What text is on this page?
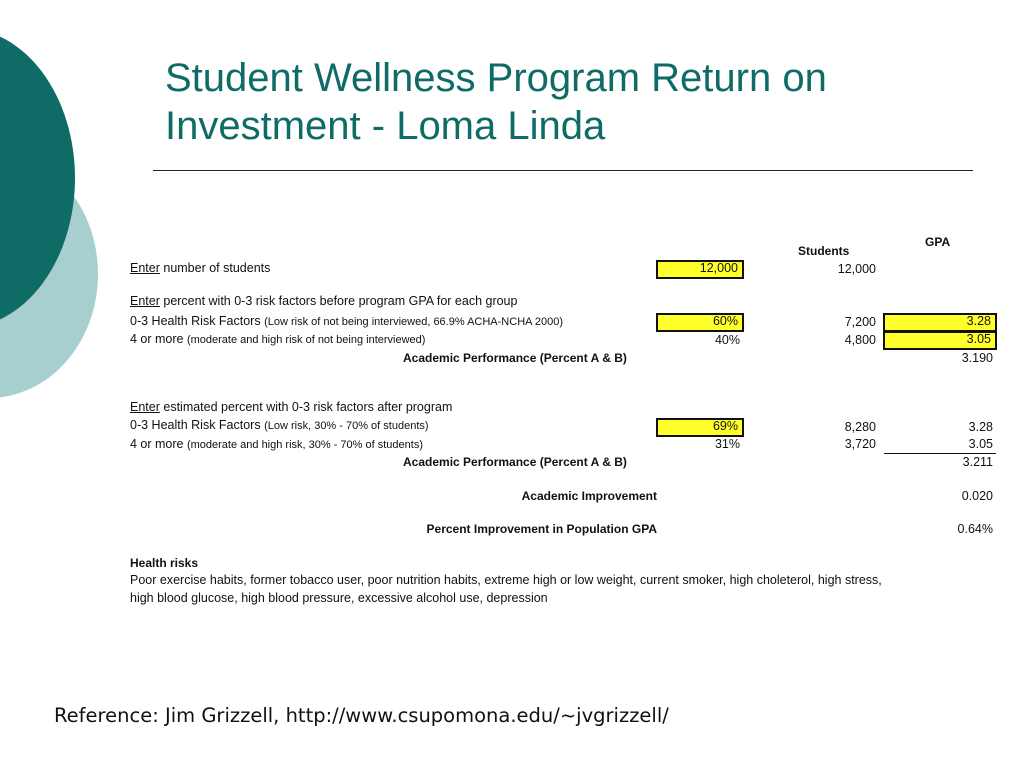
Student Wellness Program Return on Investment - Loma Linda
Students
GPA
Enter number of students	12,000	12,000
Enter percent with 0-3 risk factors before program GPA for each group
0-3 Health Risk Factors (Low risk of not being interviewed, 66.9% ACHA-NCHA 2000)	60%	7,200	3.28
4 or more (moderate and high risk of not being interviewed)	40%	4,800	3.05
Academic Performance (Percent A & B)	3.190
Enter estimated percent with 0-3 risk factors after program
0-3 Health Risk Factors (Low risk, 30% - 70% of students)	69%	8,280	3.28
4 or more (moderate and high risk, 30% - 70% of students)	31%	3,720	3.05
Academic Performance (Percent A & B)	3.211
Academic Improvement	0.020
Percent Improvement in Population GPA	0.64%
Health risks
Poor exercise habits, former tobacco user, poor nutrition habits, extreme high or low weight, current smoker, high choleterol, high stress,
high blood glucose, high blood pressure, excessive alcohol use, depression
Reference: Jim Grizzell, http://www.csupomona.edu/~jvgrizzell/
